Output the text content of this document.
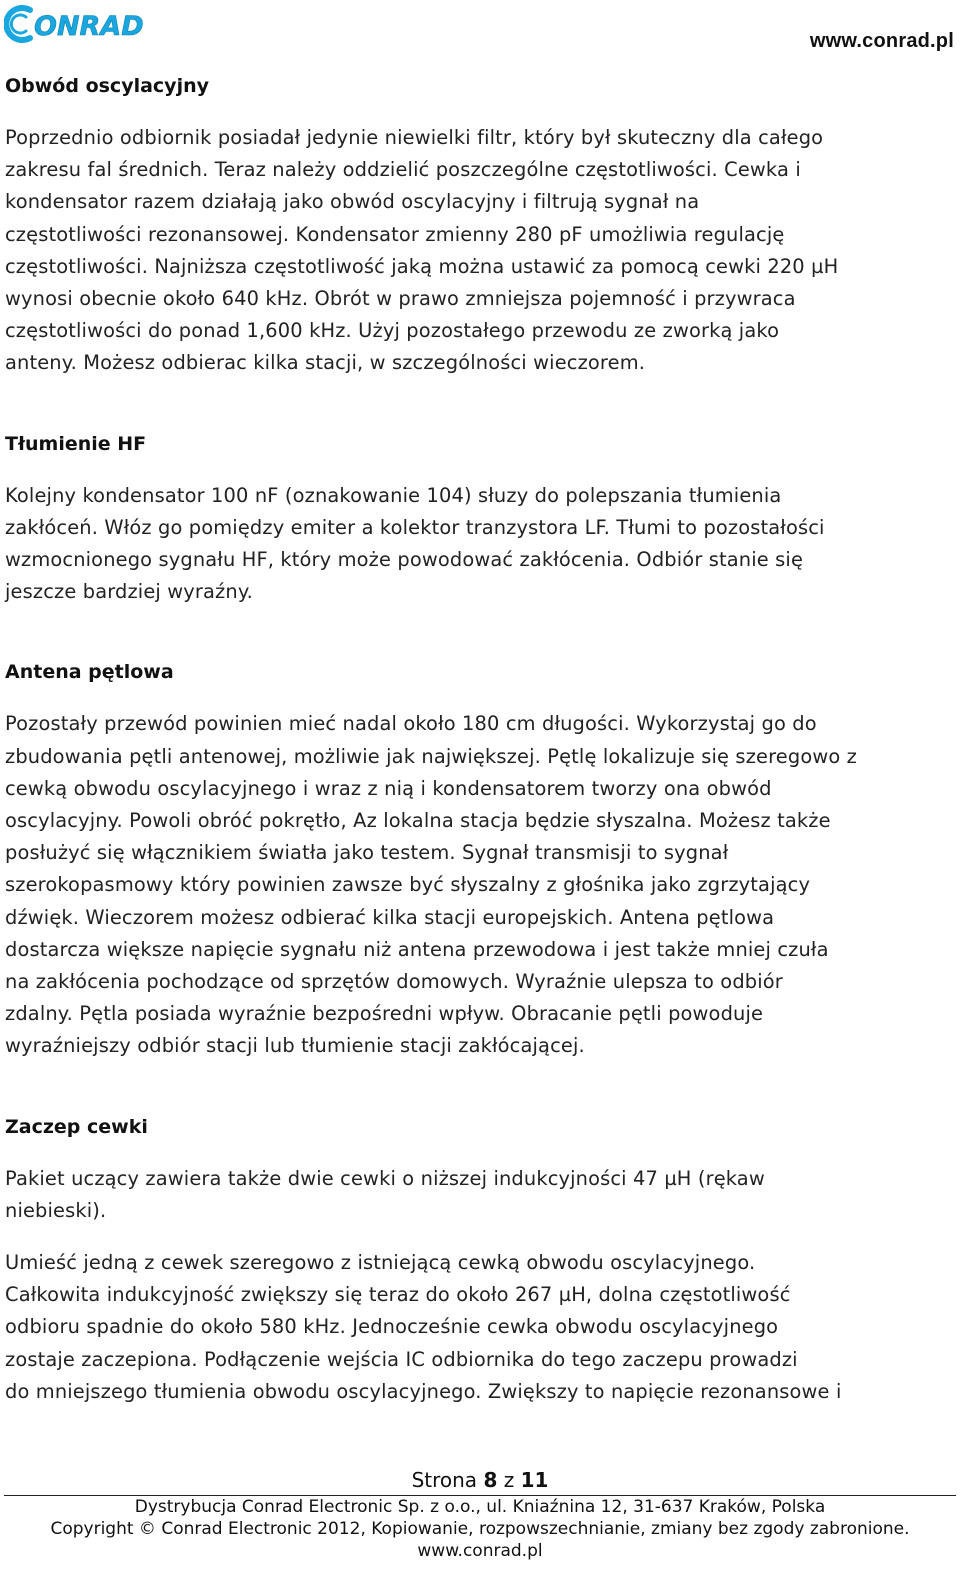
ONRAD	www.conrad.pl
Obwód oscylacyjny

Poprzednio odbiornik posiadał jedynie niewielki filtr, który był skuteczny dla całego
zakresu fal średnich. Teraz należy oddzielić poszczególne częstotliwości. Cewka i
kondensator razem działają jako obwód oscylacyjny i filtrują sygnał na
częstotliwości rezonansowej. Kondensator zmienny 280 pF umożliwia regulację
częstotliwości. Najniższa częstotliwość jaką można ustawić za pomocą cewki 220 µH
wynosi obecnie około 640 kHz. Obrót w prawo zmniejsza pojemność i przywraca
częstotliwości do ponad 1,600 kHz. Użyj pozostałego przewodu ze zworką jako
anteny. Możesz odbierac kilka stacji, w szczególności wieczorem.

Tłumienie HF

Kolejny kondensator 100 nF (oznakowanie 104) słuzy do polepszania tłumienia
zakłóceń. Włóz go pomiędzy emiter a kolektor tranzystora LF. Tłumi to pozostałości
wzmocnionego sygnału HF, który może powodować zakłócenia. Odbiór stanie się
jeszcze bardziej wyraźny.

Antena pętlowa

Pozostały przewód powinien mieć nadal około 180 cm długości. Wykorzystaj go do
zbudowania pętli antenowej, możliwie jak największej. Pętlę lokalizuje się szeregowo z
cewką obwodu oscylacyjnego i wraz z nią i kondensatorem tworzy ona obwód
oscylacyjny. Powoli obróć pokrętło, Az lokalna stacja będzie słyszalna. Możesz także
posłużyć się włącznikiem światła jako testem. Sygnał transmisji to sygnał
szerokopasmowy który powinien zawsze być słyszalny z głośnika jako zgrzytający
dźwięk. Wieczorem możesz odbierać kilka stacji europejskich. Antena pętlowa
dostarcza większe napięcie sygnału niż antena przewodowa i jest także mniej czuła
na zakłócenia pochodzące od sprzętów domowych. Wyraźnie ulepsza to odbiór
zdalny. Pętla posiada wyraźnie bezpośredni wpływ. Obracanie pętli powoduje
wyraźniejszy odbiór stacji lub tłumienie stacji zakłócającej.

Zaczep cewki

Pakiet uczący zawiera także dwie cewki o niższej indukcyjności 47 µH (rękaw
niebieski).

Umieść jedną z cewek szeregowo z istniejącą cewką obwodu oscylacyjnego.
Całkowita indukcyjność zwiększy się teraz do około 267 µH, dolna częstotliwość
odbioru spadnie do około 580 kHz. Jednocześnie cewka obwodu oscylacyjnego
zostaje zaczepiona. Podłączenie wejścia IC odbiornika do tego zaczepu prowadzi
do mniejszego tłumienia obwodu oscylacyjnego. Zwiększy to napięcie rezonansowe i

Strona 8 z 11
Dystrybucja Conrad Electronic Sp. z o.o., ul. Kniaźnina 12, 31-637 Kraków, Polska
Copyright © Conrad Electronic 2012, Kopiowanie, rozpowszechnianie, zmiany bez zgody zabronione.
www.conrad.pl
